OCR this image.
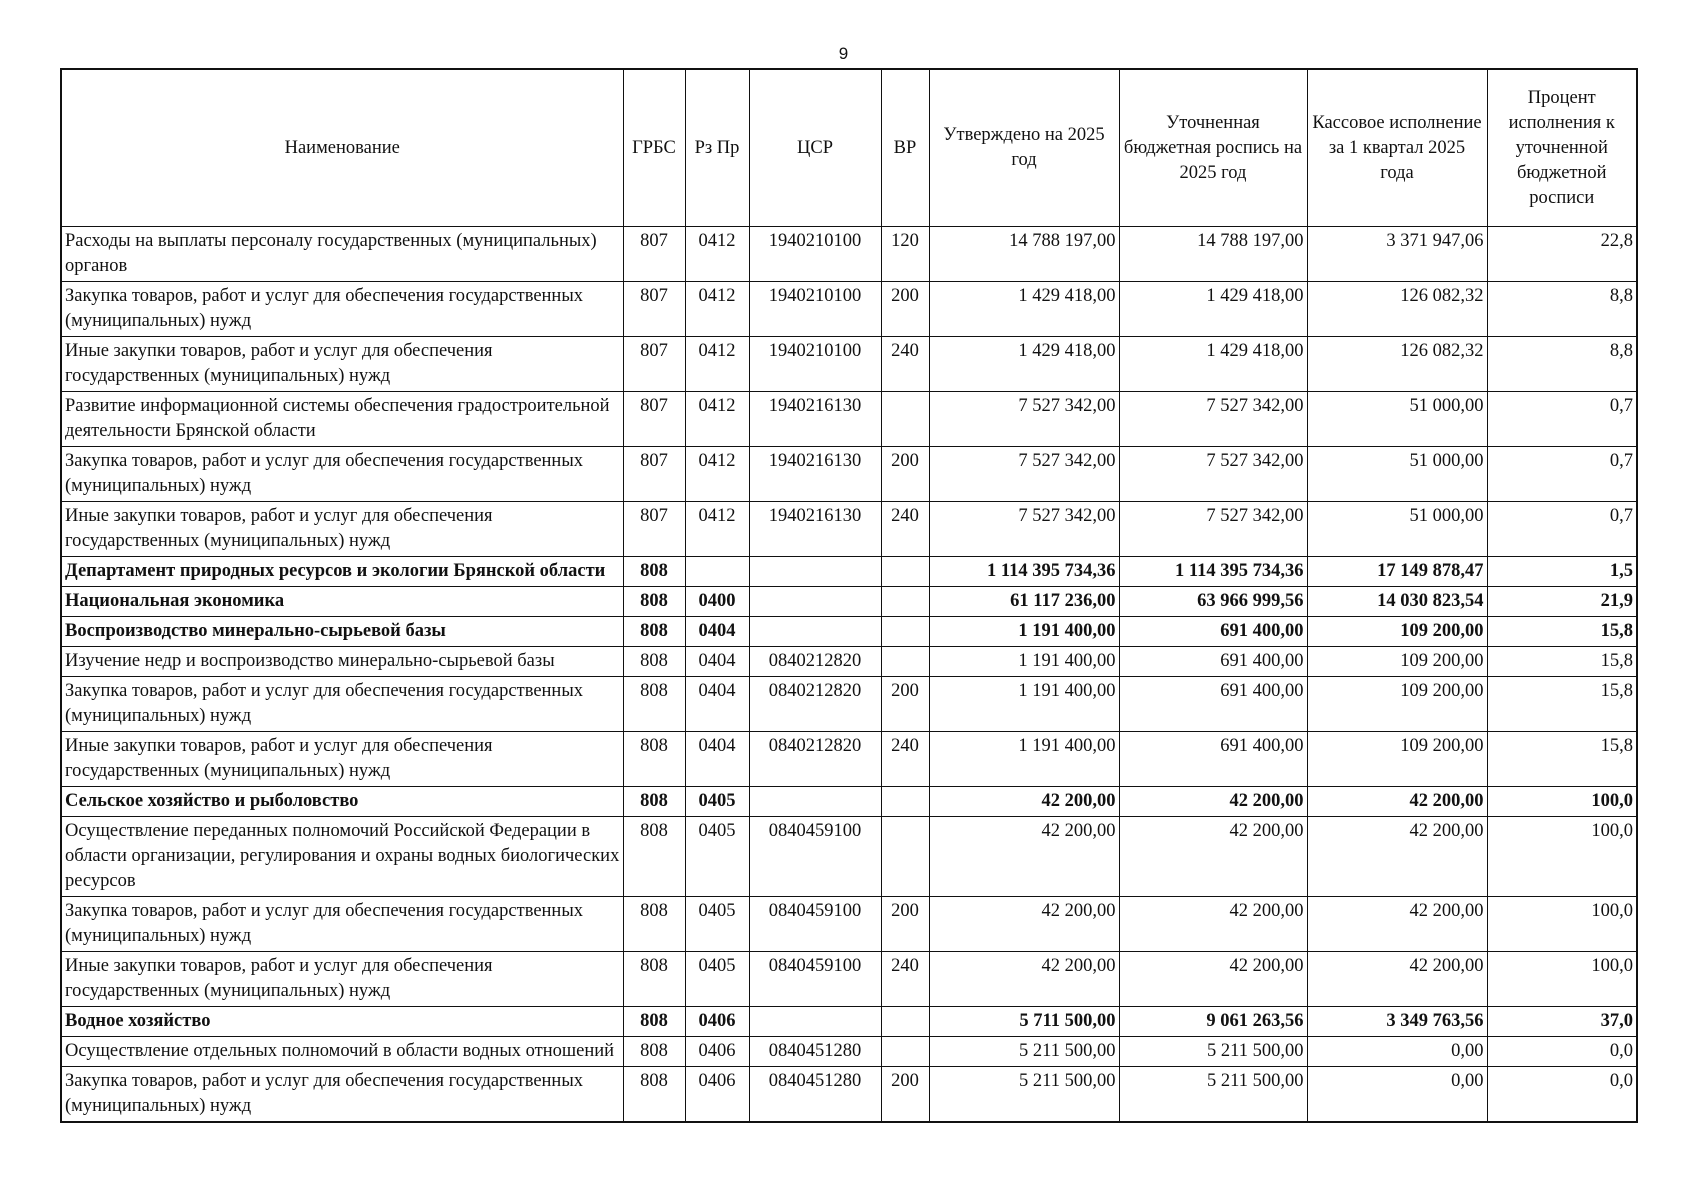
9
Наименование	ГРБС	Рз Пр	ЦСР	ВР	Утверждено на 2025 год	Уточненная бюджетная роспись на 2025 год	Кассовое исполнение за 1 квартал 2025 года	Процент исполнения к уточненной бюджетной росписи
Расходы на выплаты персоналу государственных (муниципальных) органов	807	0412	1940210100	120	14 788 197,00	14 788 197,00	3 371 947,06	22,8
Закупка товаров, работ и услуг для обеспечения государственных (муниципальных) нужд	807	0412	1940210100	200	1 429 418,00	1 429 418,00	126 082,32	8,8
Иные закупки товаров, работ и услуг для обеспечения государственных (муниципальных) нужд	807	0412	1940210100	240	1 429 418,00	1 429 418,00	126 082,32	8,8
Развитие информационной системы обеспечения градостроительной деятельности Брянской области	807	0412	1940216130		7 527 342,00	7 527 342,00	51 000,00	0,7
Закупка товаров, работ и услуг для обеспечения государственных (муниципальных) нужд	807	0412	1940216130	200	7 527 342,00	7 527 342,00	51 000,00	0,7
Иные закупки товаров, работ и услуг для обеспечения государственных (муниципальных) нужд	807	0412	1940216130	240	7 527 342,00	7 527 342,00	51 000,00	0,7
Департамент природных ресурсов и экологии Брянской области	808				1 114 395 734,36	1 114 395 734,36	17 149 878,47	1,5
Национальная экономика	808	0400			61 117 236,00	63 966 999,56	14 030 823,54	21,9
Воспроизводство минерально-сырьевой базы	808	0404			1 191 400,00	691 400,00	109 200,00	15,8
Изучение недр и воспроизводство минерально-сырьевой базы	808	0404	0840212820		1 191 400,00	691 400,00	109 200,00	15,8
Закупка товаров, работ и услуг для обеспечения государственных (муниципальных) нужд	808	0404	0840212820	200	1 191 400,00	691 400,00	109 200,00	15,8
Иные закупки товаров, работ и услуг для обеспечения государственных (муниципальных) нужд	808	0404	0840212820	240	1 191 400,00	691 400,00	109 200,00	15,8
Сельское хозяйство и рыболовство	808	0405			42 200,00	42 200,00	42 200,00	100,0
Осуществление переданных полномочий Российской Федерации в области организации, регулирования и охраны водных биологических ресурсов	808	0405	0840459100		42 200,00	42 200,00	42 200,00	100,0
Закупка товаров, работ и услуг для обеспечения государственных (муниципальных) нужд	808	0405	0840459100	200	42 200,00	42 200,00	42 200,00	100,0
Иные закупки товаров, работ и услуг для обеспечения государственных (муниципальных) нужд	808	0405	0840459100	240	42 200,00	42 200,00	42 200,00	100,0
Водное хозяйство	808	0406			5 711 500,00	9 061 263,56	3 349 763,56	37,0
Осуществление отдельных полномочий в области водных отношений	808	0406	0840451280		5 211 500,00	5 211 500,00	0,00	0,0
Закупка товаров, работ и услуг для обеспечения государственных (муниципальных) нужд	808	0406	0840451280	200	5 211 500,00	5 211 500,00	0,00	0,0
